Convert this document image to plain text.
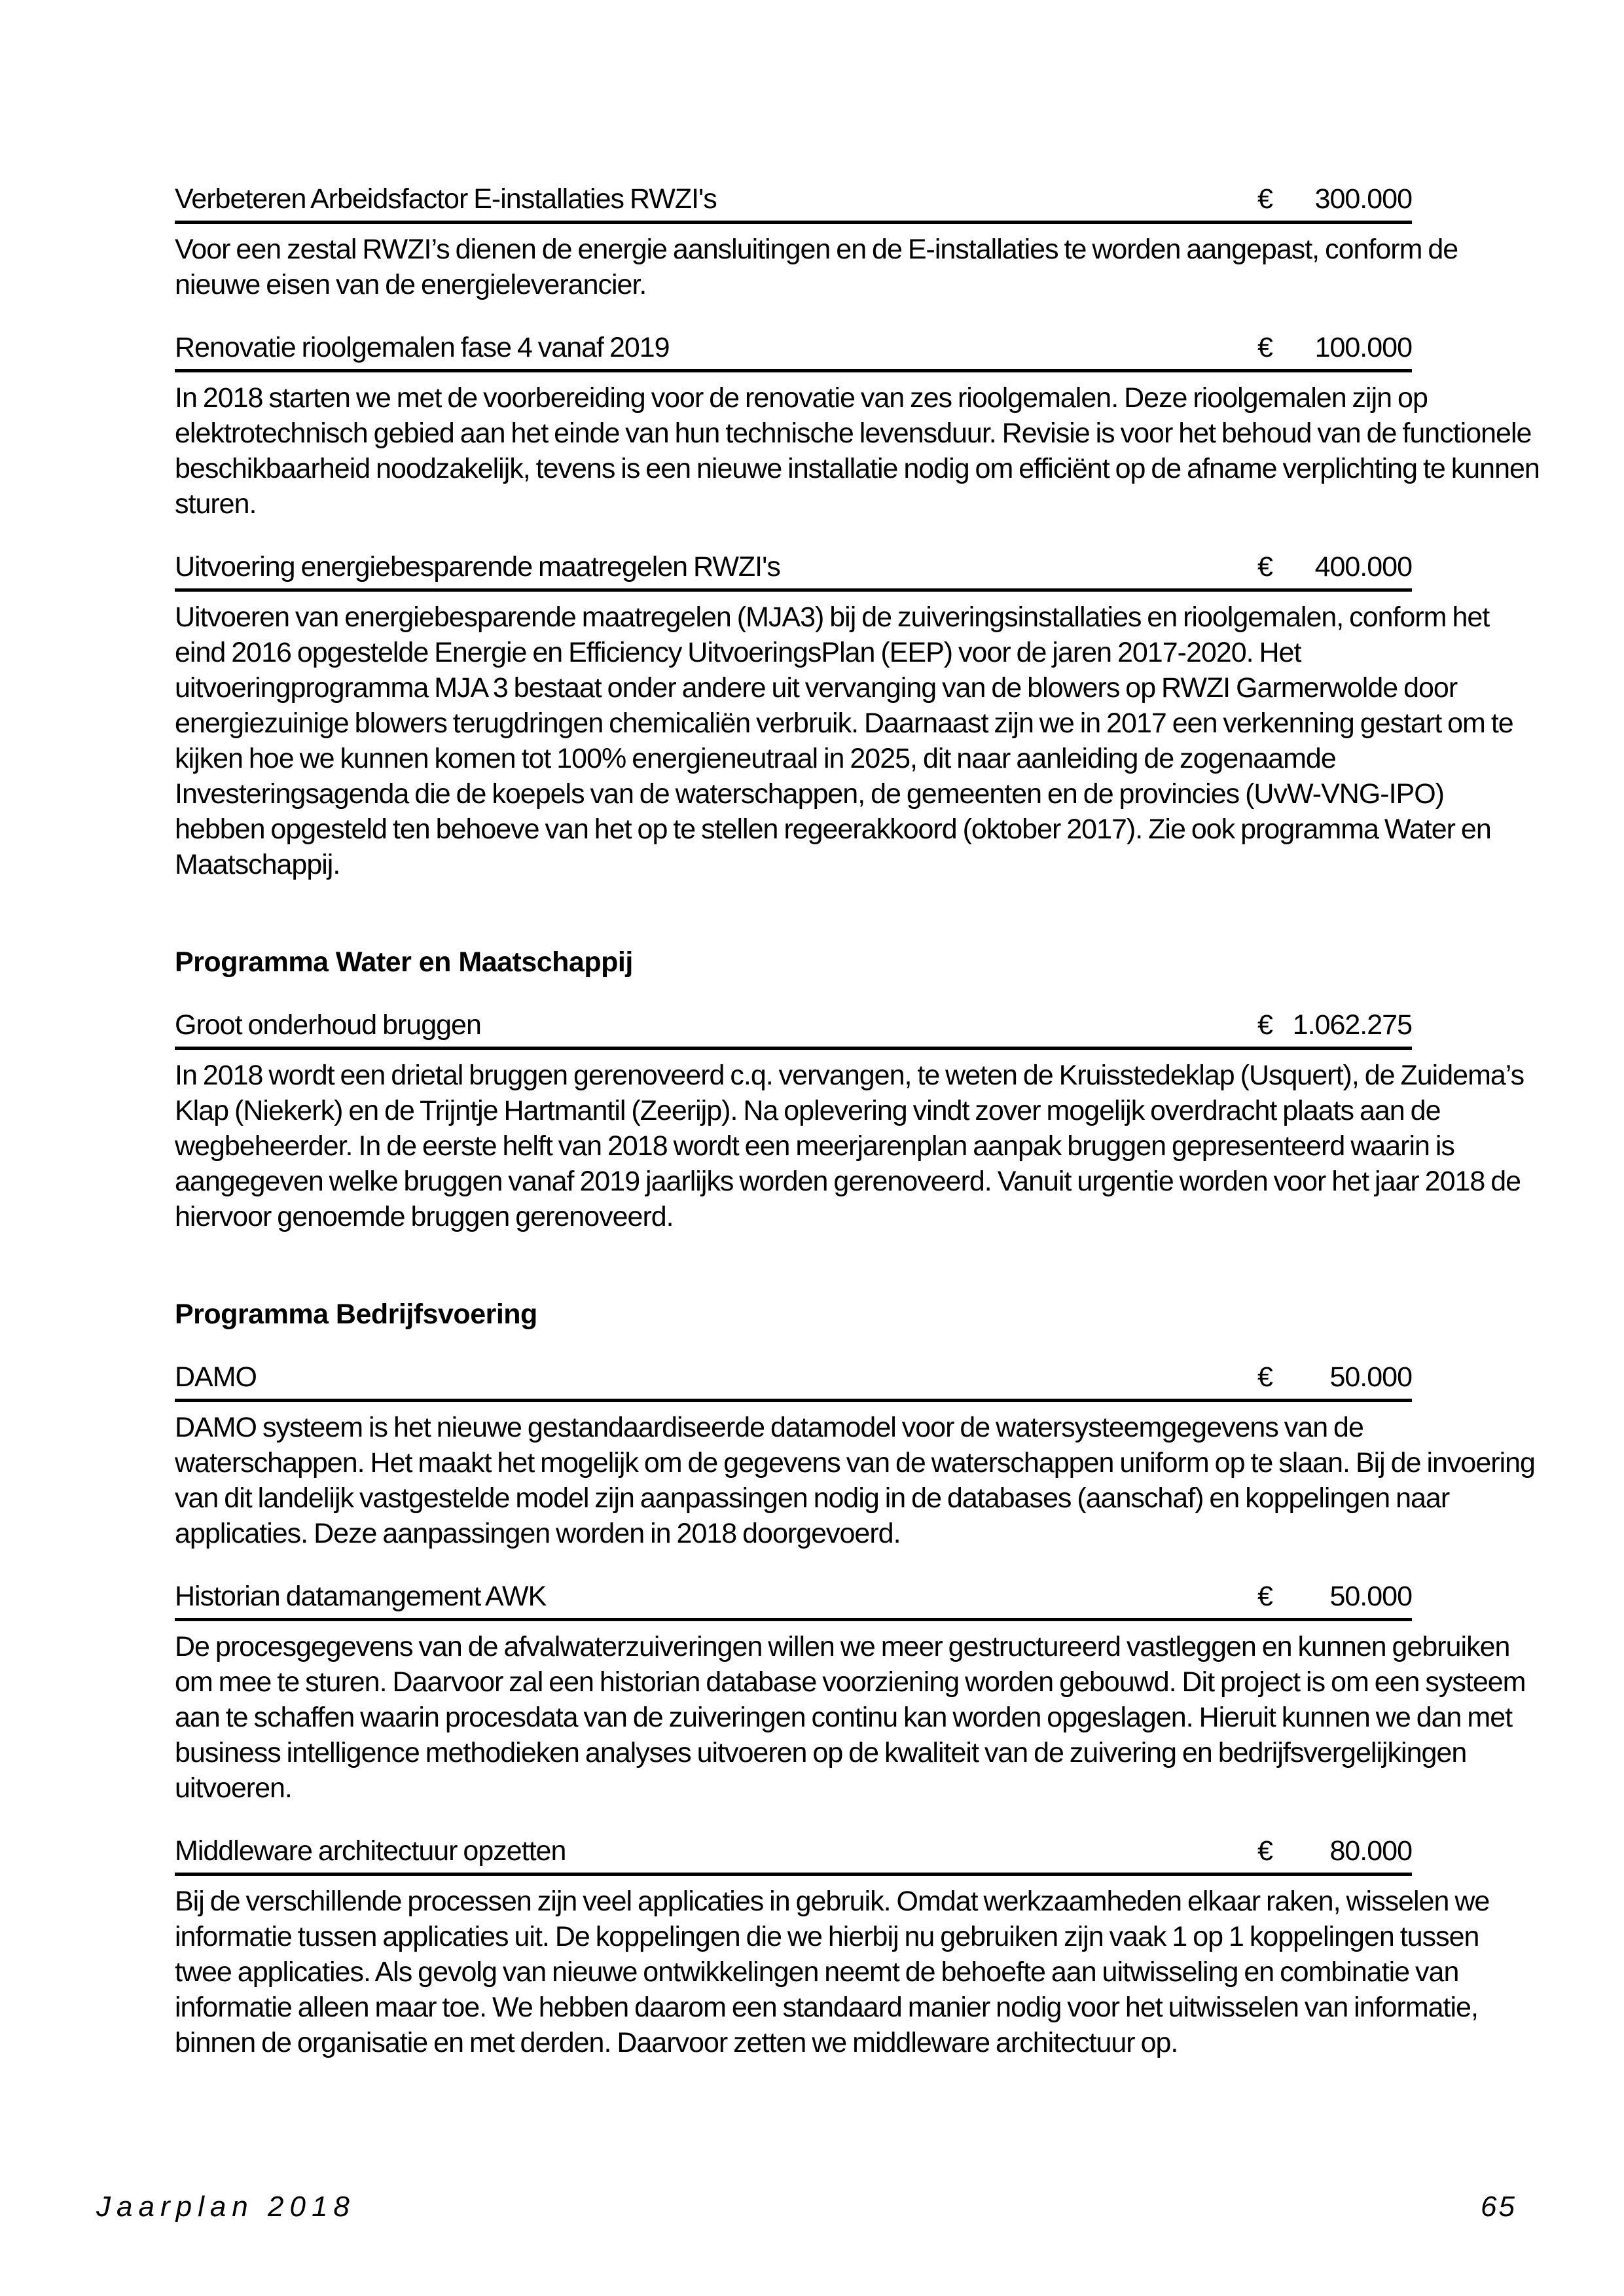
Verbeteren Arbeidsfactor E-installaties RWZI's	€ 300.000

Voor een zestal RWZI’s dienen de energie aansluitingen en de E-installaties te worden aangepast, conform de nieuwe eisen van de energieleverancier.

Renovatie rioolgemalen fase 4 vanaf 2019	€ 100.000

In 2018 starten we met de voorbereiding voor de renovatie van zes rioolgemalen. Deze rioolgemalen zijn op elektrotechnisch gebied aan het einde van hun technische levensduur. Revisie is voor het behoud van de functionele beschikbaarheid noodzakelijk, tevens is een nieuwe installatie nodig om efficiënt op de afname verplichting te kunnen sturen.

Uitvoering energiebesparende maatregelen RWZI's	€ 400.000

Uitvoeren van energiebesparende maatregelen (MJA3) bij de zuiveringsinstallaties en rioolgemalen, conform het eind 2016 opgestelde Energie en Efficiency UitvoeringsPlan (EEP) voor de jaren 2017-2020. Het uitvoeringprogramma MJA 3 bestaat onder andere uit vervanging van de blowers op RWZI Garmerwolde door energiezuinige blowers terugdringen chemicaliën verbruik. Daarnaast zijn we in 2017 een verkenning gestart om te kijken hoe we kunnen komen tot 100% energieneutraal in 2025, dit naar aanleiding de zogenaamde Investeringsagenda die de koepels van de waterschappen, de gemeenten en de provincies (UvW-VNG-IPO) hebben opgesteld ten behoeve van het op te stellen regeerakkoord (oktober 2017). Zie ook programma Water en Maatschappij.

Programma Water en Maatschappij
Groot onderhoud bruggen	€ 1.062.275

In 2018 wordt een drietal bruggen gerenoveerd c.q. vervangen, te weten de Kruisstedeklap (Usquert), de Zuidema’s Klap (Niekerk) en de Trijntje Hartmantil (Zeerijp). Na oplevering vindt zover mogelijk overdracht plaats aan de wegbeheerder. In de eerste helft van 2018 wordt een meerjarenplan aanpak bruggen gepresenteerd waarin is aangegeven welke bruggen vanaf 2019 jaarlijks worden gerenoveerd. Vanuit urgentie worden voor het jaar 2018 de hiervoor genoemde bruggen gerenoveerd.

Programma Bedrijfsvoering
DAMO	€ 50.000

DAMO systeem is het nieuwe gestandaardiseerde datamodel voor de watersysteemgegevens van de waterschappen. Het maakt het mogelijk om de gegevens van de waterschappen uniform op te slaan. Bij de invoering van dit landelijk vastgestelde model zijn aanpassingen nodig in de databases (aanschaf) en koppelingen naar applicaties. Deze aanpassingen worden in 2018 doorgevoerd.

Historian datamangement AWK	€ 50.000

De procesgegevens van de afvalwaterzuiveringen willen we meer gestructureerd vastleggen en kunnen gebruiken om mee te sturen. Daarvoor zal een historian database voorziening worden gebouwd. Dit project is om een systeem aan te schaffen waarin procesdata van de zuiveringen continu kan worden opgeslagen. Hieruit kunnen we dan met business intelligence methodieken analyses uitvoeren op de kwaliteit van de zuivering en bedrijfsvergelijkingen uitvoeren.

Middleware architectuur opzetten	€ 80.000

Bij de verschillende processen zijn veel applicaties in gebruik. Omdat werkzaamheden elkaar raken, wisselen we informatie tussen applicaties uit. De koppelingen die we hierbij nu gebruiken zijn vaak 1 op 1 koppelingen tussen twee applicaties. Als gevolg van nieuwe ontwikkelingen neemt de behoefte aan uitwisseling en combinatie van informatie alleen maar toe. We hebben daarom een standaard manier nodig voor het uitwisselen van informatie, binnen de organisatie en met derden. Daarvoor zetten we middleware architectuur op.

Jaarplan 2018	65
